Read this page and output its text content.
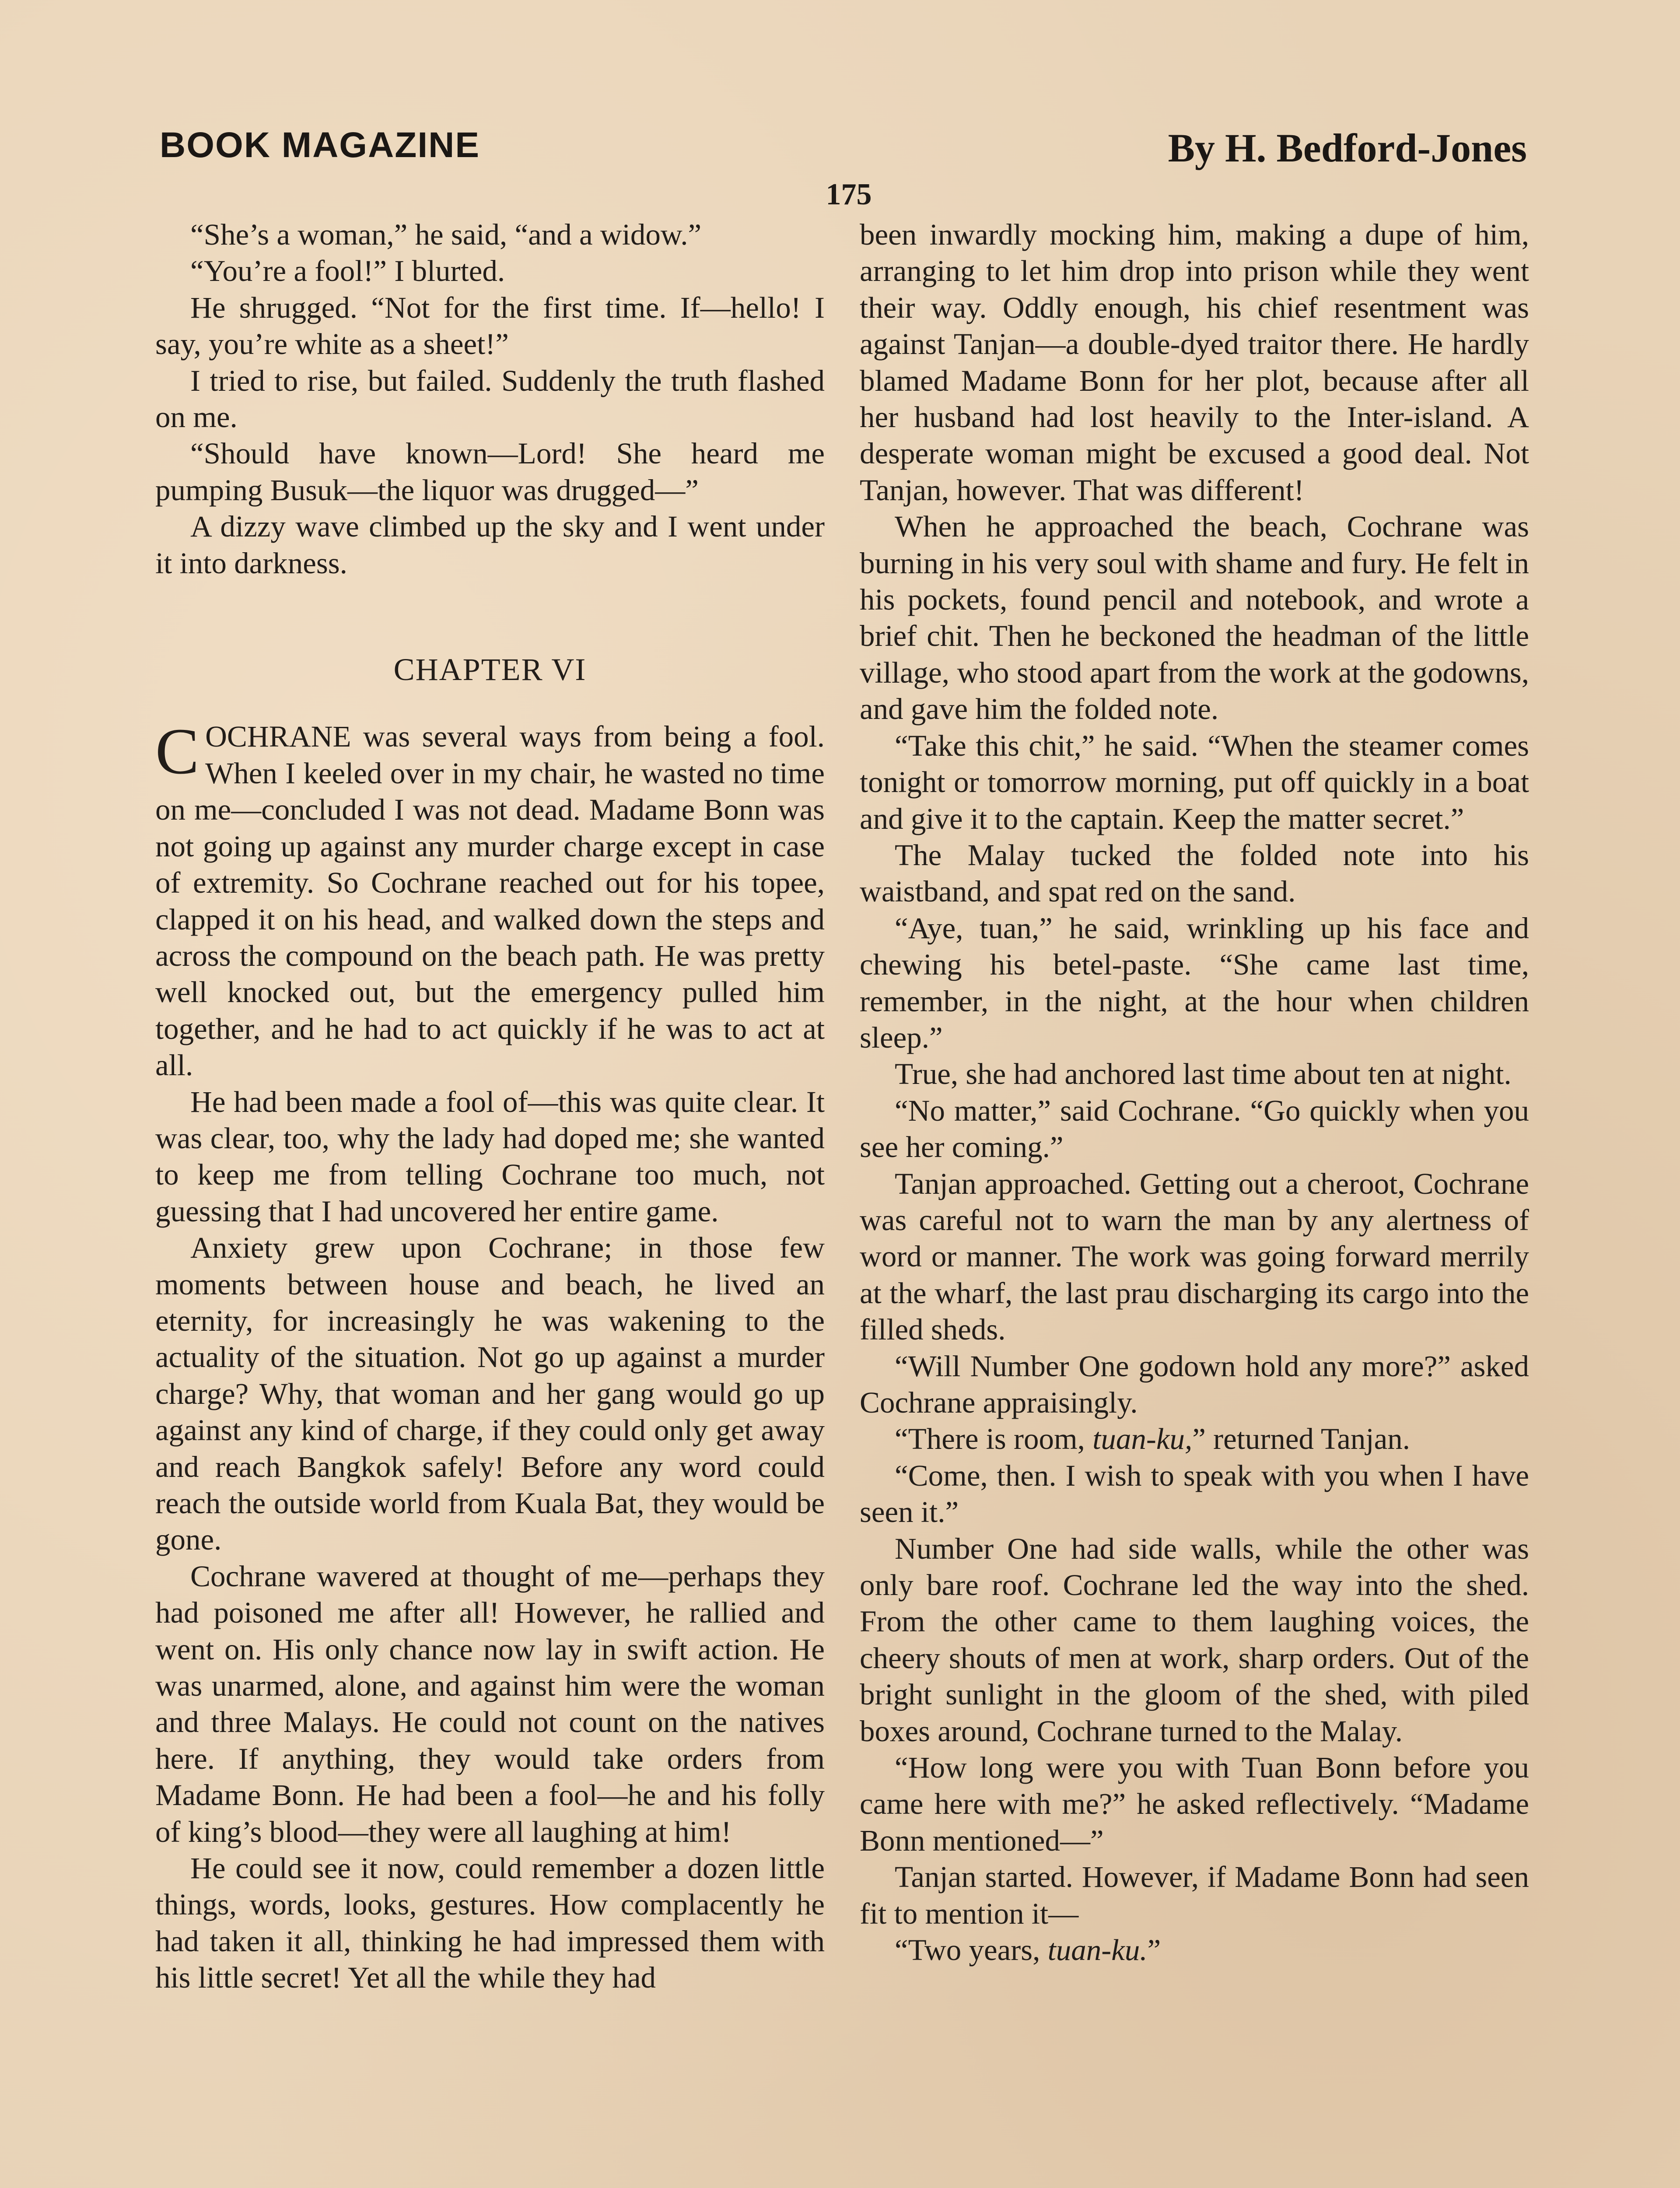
BOOK MAGAZINE	By H. Bedford-Jones
175

“She’s a woman,” he said, “and a widow.”

“You’re a fool!” I blurted.

He shrugged. “Not for the first time. If—hello! I say, you’re white as a sheet!”

I tried to rise, but failed. Suddenly the truth flashed on me.

“Should have known—Lord! She heard me pumping Busuk—the liquor was drugged—”

A dizzy wave climbed up the sky and I went under it into darkness.

CHAPTER VI

COCHRANE was several ways from being a fool. When I keeled over in my chair, he wasted no time on me—concluded I was not dead. Madame Bonn was not going up against any murder charge except in case of extremity. So Cochrane reached out for his topee, clapped it on his head, and walked down the steps and across the compound on the beach path. He was pretty well knocked out, but the emergency pulled him together, and he had to act quickly if he was to act at all.

He had been made a fool of—this was quite clear. It was clear, too, why the lady had doped me; she wanted to keep me from telling Cochrane too much, not guessing that I had uncovered her entire game.

Anxiety grew upon Cochrane; in those few moments between house and beach, he lived an eternity, for increasingly he was wakening to the actuality of the situation. Not go up against a murder charge? Why, that woman and her gang would go up against any kind of charge, if they could only get away and reach Bangkok safely! Before any word could reach the outside world from Kuala Bat, they would be gone.

Cochrane wavered at thought of me—perhaps they had poisoned me after all! However, he rallied and went on. His only chance now lay in swift action. He was unarmed, alone, and against him were the woman and three Malays. He could not count on the natives here. If anything, they would take orders from Madame Bonn. He had been a fool—he and his folly of king’s blood—they were all laughing at him!

He could see it now, could remember a dozen little things, words, looks, gestures. How complacently he had taken it all, thinking he had impressed them with his little secret! Yet all the while they had

been inwardly mocking him, making a dupe of him, arranging to let him drop into prison while they went their way. Oddly enough, his chief resentment was against Tanjan—a double-dyed traitor there. He hardly blamed Madame Bonn for her plot, because after all her husband had lost heavily to the Inter-island. A desperate woman might be excused a good deal. Not Tanjan, however. That was different!

When he approached the beach, Cochrane was burning in his very soul with shame and fury. He felt in his pockets, found pencil and notebook, and wrote a brief chit. Then he beckoned the headman of the little village, who stood apart from the work at the godowns, and gave him the folded note.

“Take this chit,” he said. “When the steamer comes tonight or tomorrow morning, put off quickly in a boat and give it to the captain. Keep the matter secret.”

The Malay tucked the folded note into his waistband, and spat red on the sand.

“Aye, tuan,” he said, wrinkling up his face and chewing his betel-paste. “She came last time, remember, in the night, at the hour when children sleep.”

True, she had anchored last time about ten at night.

“No matter,” said Cochrane. “Go quickly when you see her coming.”

Tanjan approached. Getting out a cheroot, Cochrane was careful not to warn the man by any alertness of word or manner. The work was going forward merrily at the wharf, the last prau discharging its cargo into the filled sheds.

“Will Number One godown hold any more?” asked Cochrane appraisingly.

“There is room, tuan-ku,” returned Tanjan.

“Come, then. I wish to speak with you when I have seen it.”

Number One had side walls, while the other was only bare roof. Cochrane led the way into the shed. From the other came to them laughing voices, the cheery shouts of men at work, sharp orders. Out of the bright sunlight in the gloom of the shed, with piled boxes around, Cochrane turned to the Malay.

“How long were you with Tuan Bonn before you came here with me?” he asked reflectively. “Madame Bonn mentioned—”

Tanjan started. However, if Madame Bonn had seen fit to mention it—

“Two years, tuan-ku.”
